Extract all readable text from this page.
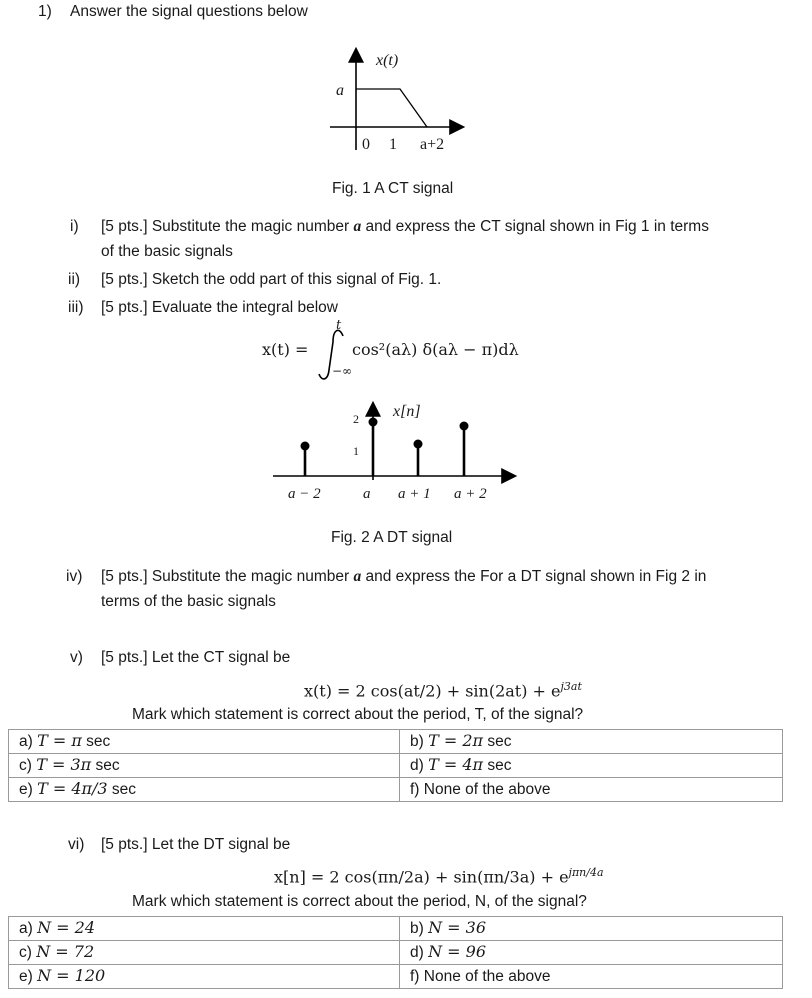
1) Answer the signal questions below
x(t)
a
0 1 a+2
Fig. 1 A CT signal
i) [5 pts.] Substitute the magic number a and express the CT signal shown in Fig 1 in terms
of the basic signals
ii) [5 pts.] Sketch the odd part of this signal of Fig. 1.
iii) [5 pts.] Evaluate the integral below
x(t) =
t
−∞
cos²(aλ) δ(aλ − π)dλ
2
1
x[n]
a − 2	a a + 1 a + 2
Fig. 2 A DT signal
iv) [5 pts.] Substitute the magic number a and express the For a DT signal shown in Fig 2 in
terms of the basic signals
v) [5 pts.] Let the CT signal be
x(t) = 2 $\cos(at/2) + \sin(2at) + e^{j3at}$
Mark which statement is correct about the period, T, of the signal?
a) T = π sec	b) T = 2π sec
c) T = 3π sec	d) T = 4π sec
e) T = 4π/3 sec	f) None of the above
vi) [5 pts.] Let the DT signal be
x[n] = 2 $\cos(\pi n/2a) + \sin(\pi n/3a) + e^{j\pi n/4a}$
Mark which statement is correct about the period, N, of the signal?
a) N = 24	b) N = 36
c) N = 72	d) N = 96
e) N = 120	f) None of the above
